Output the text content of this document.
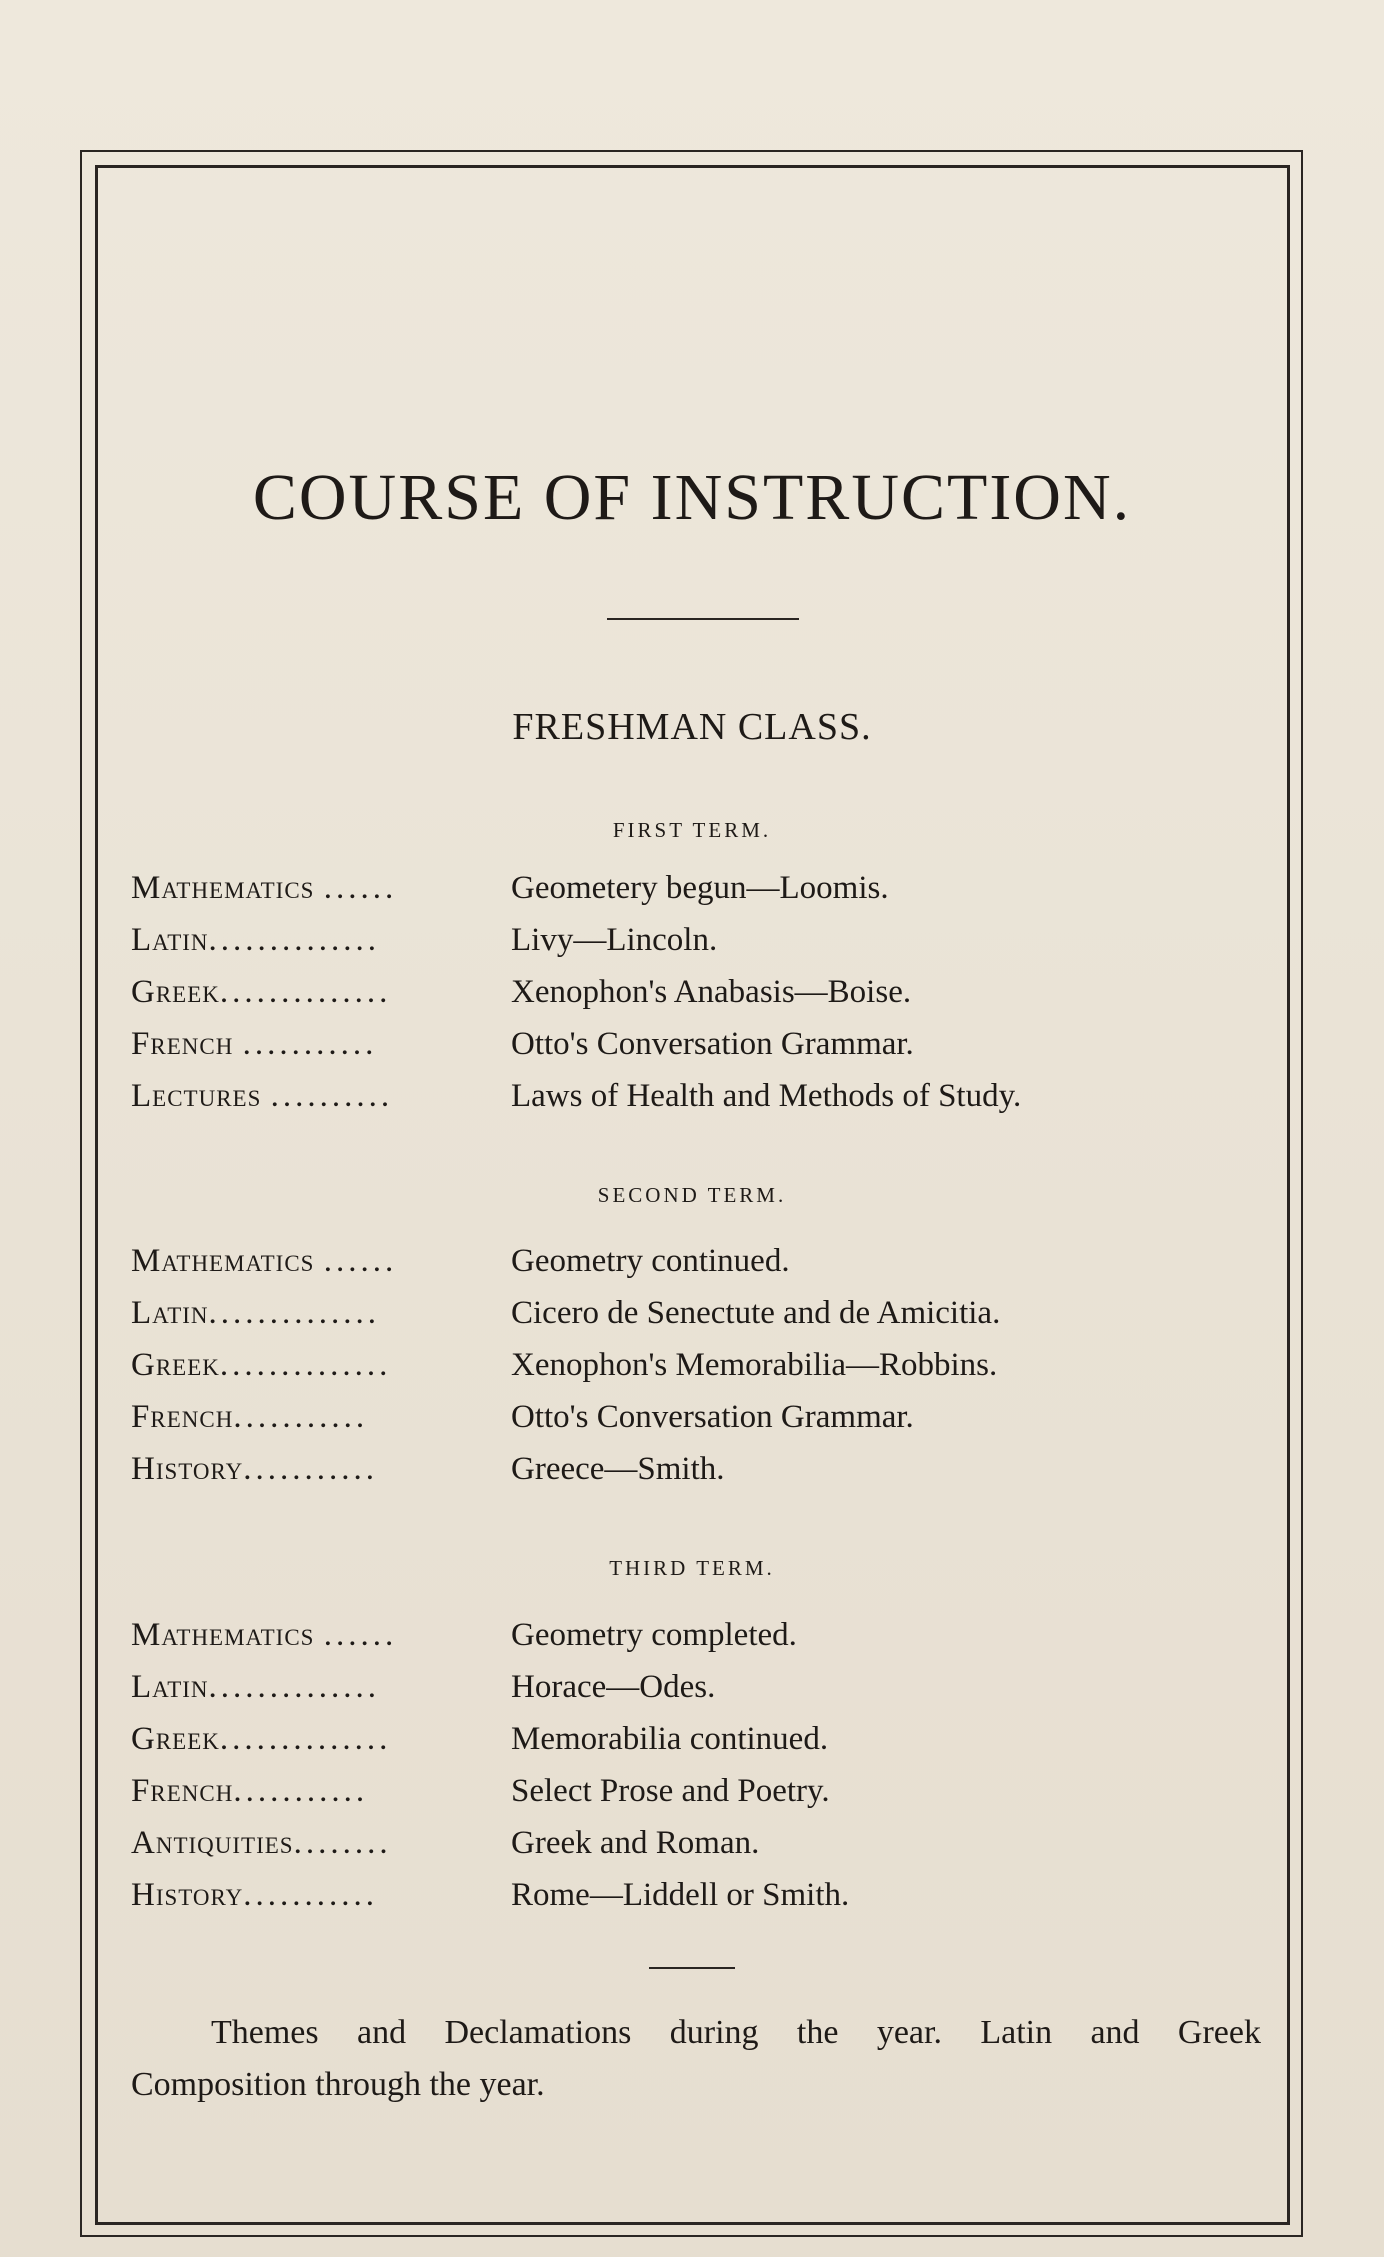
COURSE OF INSTRUCTION.
FRESHMAN CLASS.
FIRST TERM.
Mathematics ......	Geometery begun—Loomis.
Latin..............	Livy—Lincoln.
Greek..............	Xenophon's Anabasis—Boise.
French ...........	Otto's Conversation Grammar.
Lectures ..........	Laws of Health and Methods of Study.
SECOND TERM.
Mathematics ......	Geometry continued.
Latin..............	Cicero de Senectute and de Amicitia.
Greek..............	Xenophon's Memorabilia—Robbins.
French...........	Otto's Conversation Grammar.
History...........	Greece—Smith.
THIRD TERM.
Mathematics ......	Geometry completed.
Latin..............	Horace—Odes.
Greek..............	Memorabilia continued.
French...........	Select Prose and Poetry.
Antiquities........	Greek and Roman.
History...........	Rome—Liddell or Smith.
Themes and Declamations during the year. Latin and Greek
Composition through the year.
